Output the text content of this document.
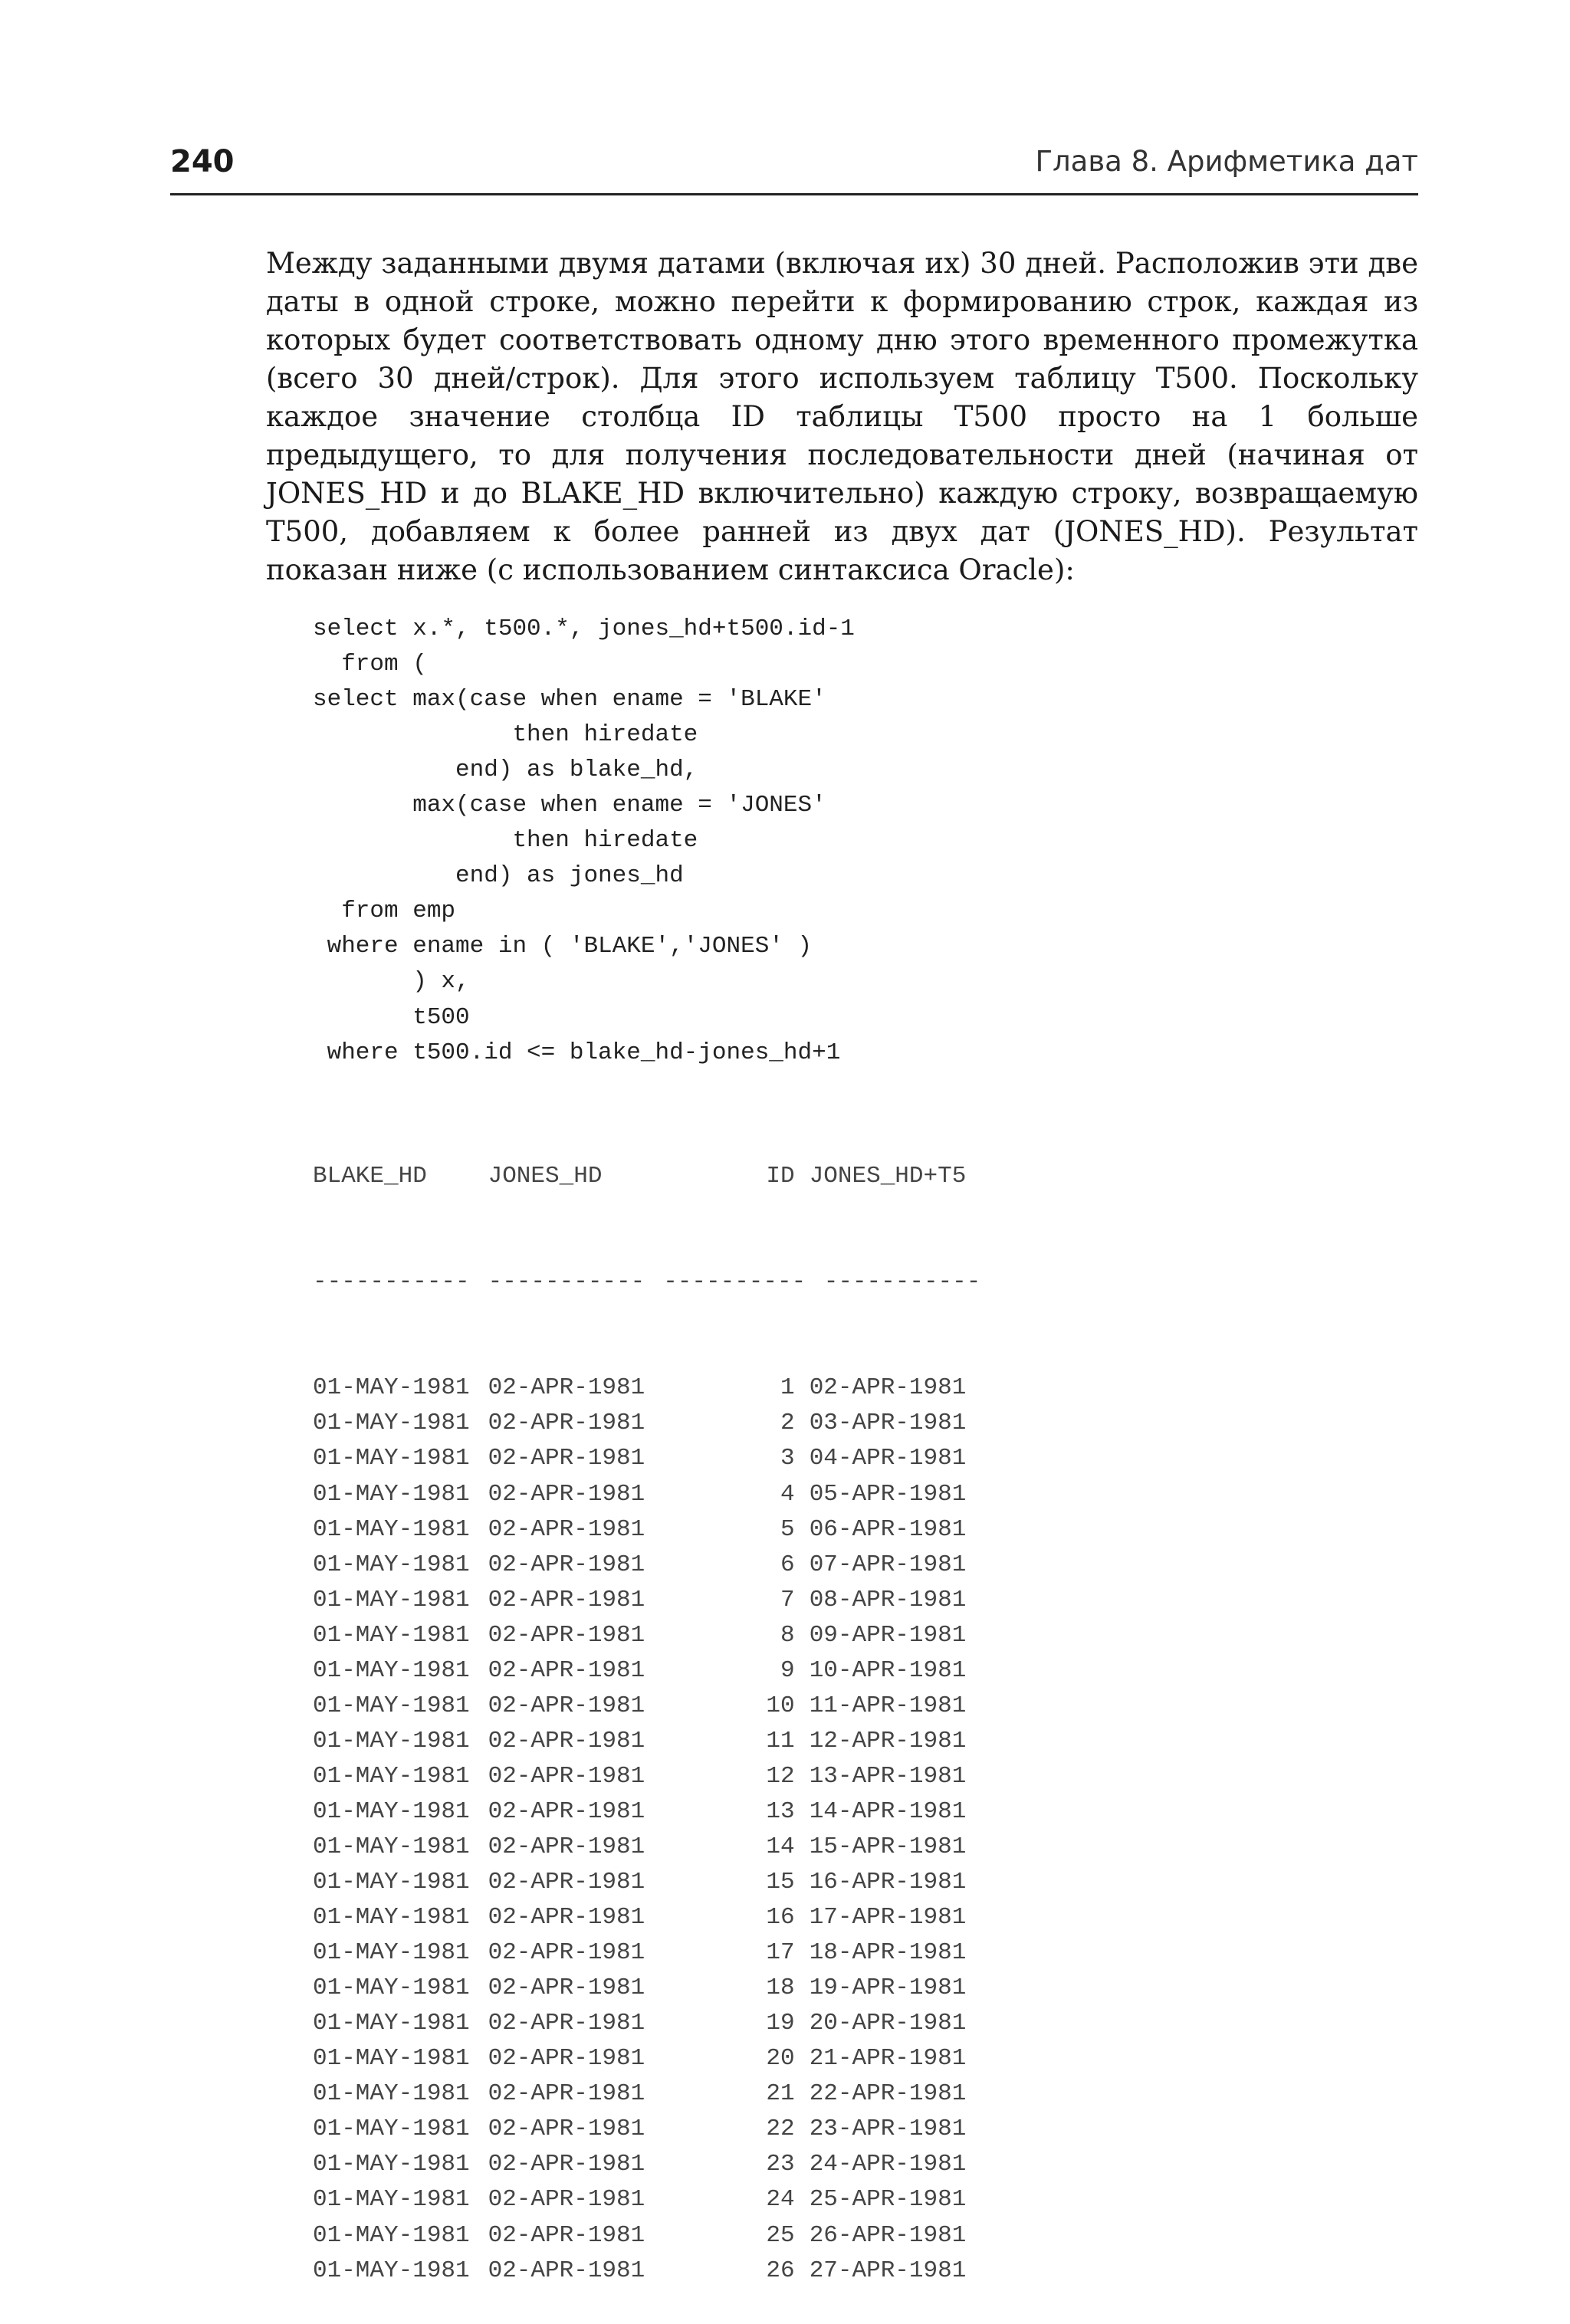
240	Глава 8. Арифметика дат

Между заданными двумя датами (включая их) 30 дней. Расположив эти две даты в одной строке, можно перейти к формированию строк, каждая из которых будет соответствовать одному дню этого временного промежутка (всего 30 дней/строк). Для этого используем таблицу T500. Поскольку каждое значение столбца ID таблицы T500 просто на 1 больше предыдущего, то для получения последовательности дней (начиная от JONES_HD и до BLAKE_HD включительно) каждую строку, возвращаемую T500, добавляем к более ранней из двух дат (JONES_HD). Результат показан ниже (с использованием синтаксиса Oracle):

select x.*, t500.*, jones_hd+t500.id-1
from (
select max(case when ename = 'BLAKE'
then hiredate
end) as blake_hd,
max(case when ename = 'JONES'
then hiredate
end) as jones_hd
from emp
where ename in ( 'BLAKE','JONES' )
) x,
t500
where t500.id <= blake_hd-jones_hd+1

BLAKE_HD	JONES_HD	ID JONES_HD+T5

----------- ----------- ---------- -----------

01-MAY-1981 02-APR-1981	1 02-APR-1981
01-MAY-1981 02-APR-1981	2 03-APR-1981
01-MAY-1981 02-APR-1981	3 04-APR-1981
01-MAY-1981 02-APR-1981	4 05-APR-1981
01-MAY-1981 02-APR-1981	5 06-APR-1981
01-MAY-1981 02-APR-1981	6 07-APR-1981
01-MAY-1981 02-APR-1981	7 08-APR-1981
01-MAY-1981 02-APR-1981	8 09-APR-1981
01-MAY-1981 02-APR-1981	9 10-APR-1981
01-MAY-1981 02-APR-1981	10 11-APR-1981
01-MAY-1981 02-APR-1981	11 12-APR-1981
01-MAY-1981 02-APR-1981	12 13-APR-1981
01-MAY-1981 02-APR-1981	13 14-APR-1981
01-MAY-1981 02-APR-1981	14 15-APR-1981
01-MAY-1981 02-APR-1981	15 16-APR-1981
01-MAY-1981 02-APR-1981	16 17-APR-1981
01-MAY-1981 02-APR-1981	17 18-APR-1981
01-MAY-1981 02-APR-1981	18 19-APR-1981
01-MAY-1981 02-APR-1981	19 20-APR-1981
01-MAY-1981 02-APR-1981	20 21-APR-1981
01-MAY-1981 02-APR-1981	21 22-APR-1981
01-MAY-1981 02-APR-1981	22 23-APR-1981
01-MAY-1981 02-APR-1981	23 24-APR-1981
01-MAY-1981 02-APR-1981	24 25-APR-1981
01-MAY-1981 02-APR-1981	25 26-APR-1981
01-MAY-1981 02-APR-1981	26 27-APR-1981
